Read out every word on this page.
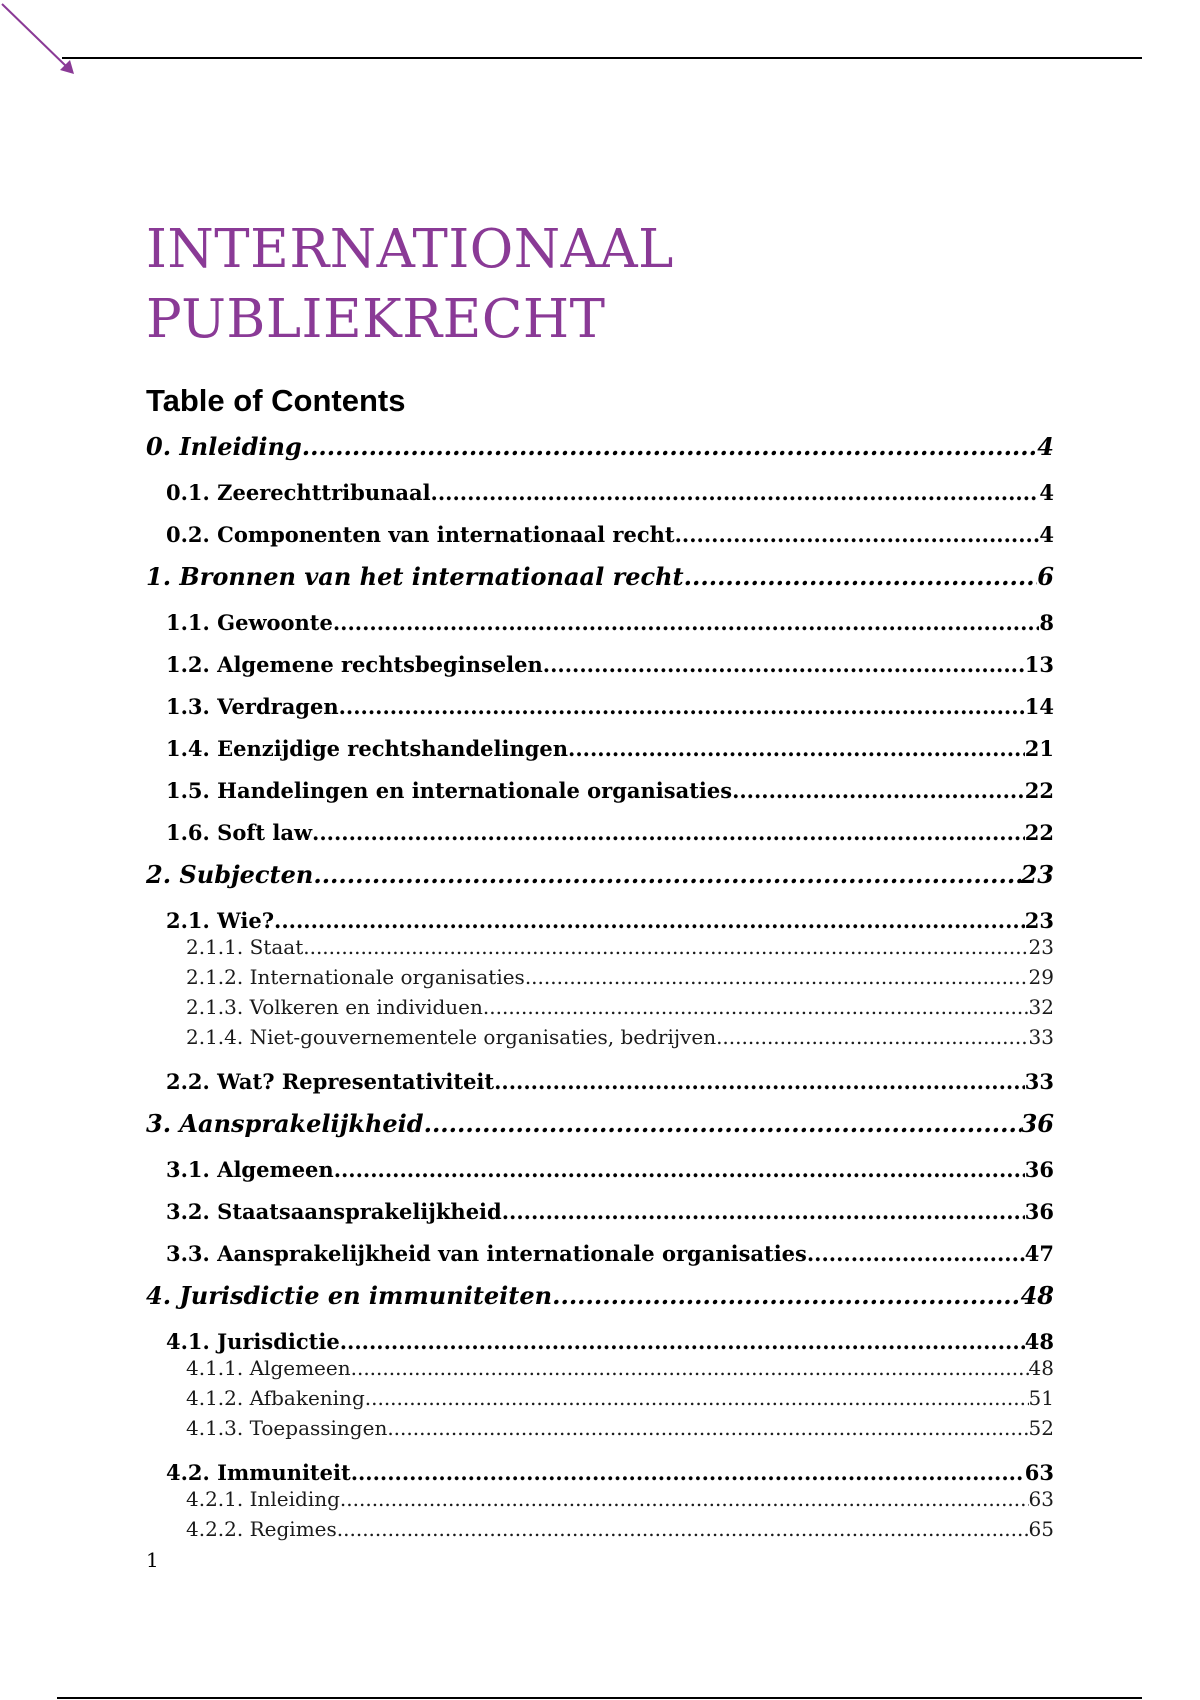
INTERNATIONAAL
PUBLIEKRECHT
Table of Contents
0. Inleiding .....	4
0.1. Zeerechttribunaal .....	4
0.2. Componenten van internationaal recht .....	4
1. Bronnen van het internationaal recht .....	6
1.1. Gewoonte .....	8
1.2. Algemene rechtsbeginselen .....	13
1.3. Verdragen .....	14
1.4. Eenzijdige rechtshandelingen .....	21
1.5. Handelingen en internationale organisaties .....	22
1.6. Soft law .....	22
2. Subjecten .....	23
2.1. Wie? .....	23
2.1.1. Staat .....	23
2.1.2. Internationale organisaties .....	29
2.1.3. Volkeren en individuen .....	32
2.1.4. Niet-gouvernementele organisaties, bedrijven .....	33
2.2. Wat? Representativiteit .....	33
3. Aansprakelijkheid .....	36
3.1. Algemeen .....	36
3.2. Staatsaansprakelijkheid .....	36
3.3. Aansprakelijkheid van internationale organisaties .....	47
4. Jurisdictie en immuniteiten .....	48
4.1. Jurisdictie .....	48
4.1.1. Algemeen .....	48
4.1.2. Afbakening .....	51
4.1.3. Toepassingen .....	52
4.2. Immuniteit .....	63
4.2.1. Inleiding .....	63
4.2.2. Regimes .....	65
1
